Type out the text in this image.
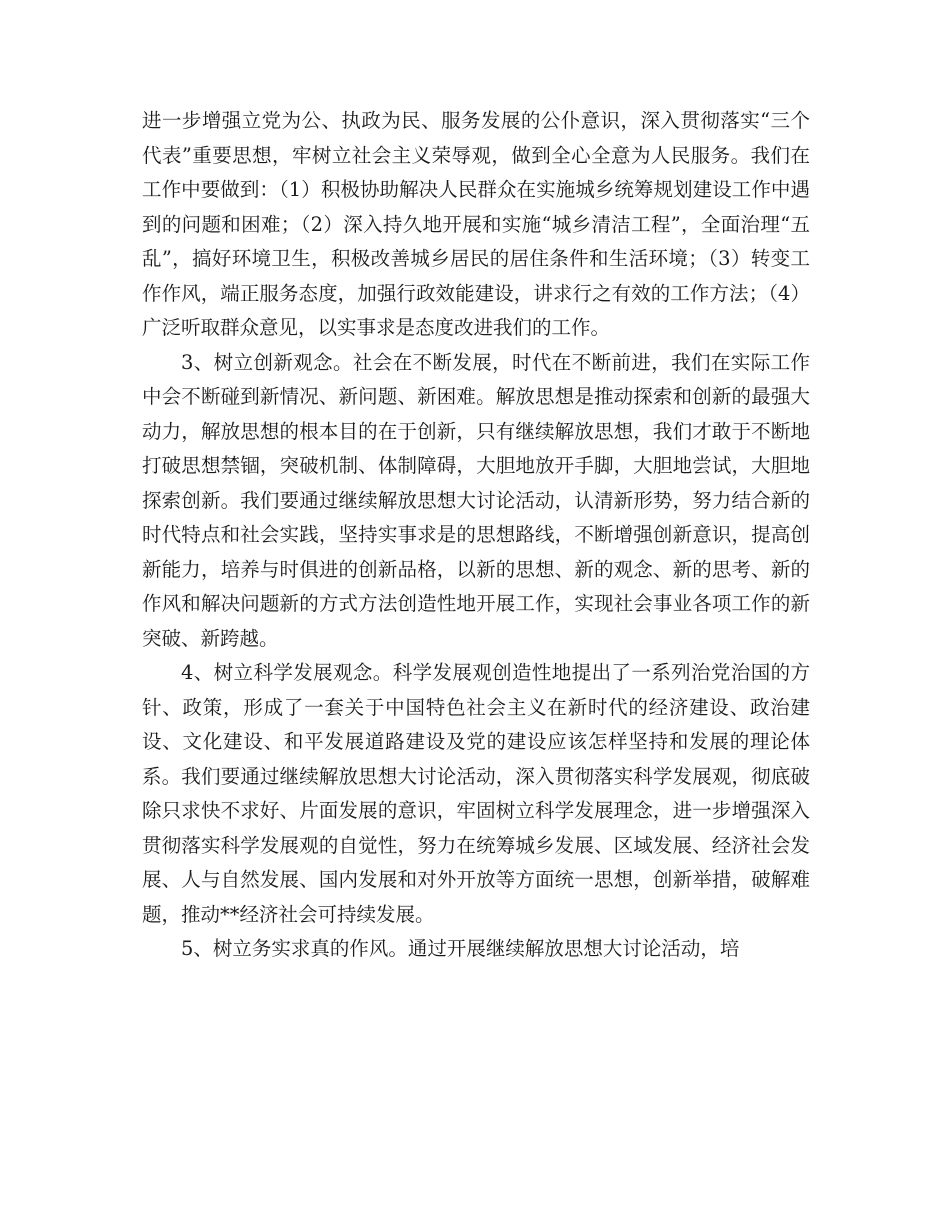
进一步增强立党为公、执政为民、服务发展的公仆意识，深入贯彻落实“三个代表”重要思想，牢树立社会主义荣辱观，做到全心全意为人民服务。我们在工作中要做到：（1）积极协助解决人民群众在实施城乡统筹规划建设工作中遇到的问题和困难；（2）深入持久地开展和实施“城乡清洁工程”，全面治理“五乱”，搞好环境卫生，积极改善城乡居民的居住条件和生活环境；（3）转变工作作风，端正服务态度，加强行政效能建设，讲求行之有效的工作方法；（4）广泛听取群众意见，以实事求是态度改进我们的工作。

3、树立创新观念。社会在不断发展，时代在不断前进，我们在实际工作中会不断碰到新情况、新问题、新困难。解放思想是推动探索和创新的最强大动力，解放思想的根本目的在于创新，只有继续解放思想，我们才敢于不断地打破思想禁锢，突破机制、体制障碍，大胆地放开手脚，大胆地尝试，大胆地探索创新。我们要通过继续解放思想大讨论活动，认清新形势，努力结合新的时代特点和社会实践，坚持实事求是的思想路线，不断增强创新意识，提高创新能力，培养与时俱进的创新品格，以新的思想、新的观念、新的思考、新的作风和解决问题新的方式方法创造性地开展工作，实现社会事业各项工作的新突破、新跨越。

4、树立科学发展观念。科学发展观创造性地提出了一系列治党治国的方针、政策，形成了一套关于中国特色社会主义在新时代的经济建设、政治建设、文化建设、和平发展道路建设及党的建设应该怎样坚持和发展的理论体系。我们要通过继续解放思想大讨论活动，深入贯彻落实科学发展观，彻底破除只求快不求好、片面发展的意识，牢固树立科学发展理念，进一步增强深入贯彻落实科学发展观的自觉性，努力在统筹城乡发展、区域发展、经济社会发展、人与自然发展、国内发展和对外开放等方面统一思想，创新举措，破解难题，推动**经济社会可持续发展。

5、树立务实求真的作风。通过开展继续解放思想大讨论活动，培
